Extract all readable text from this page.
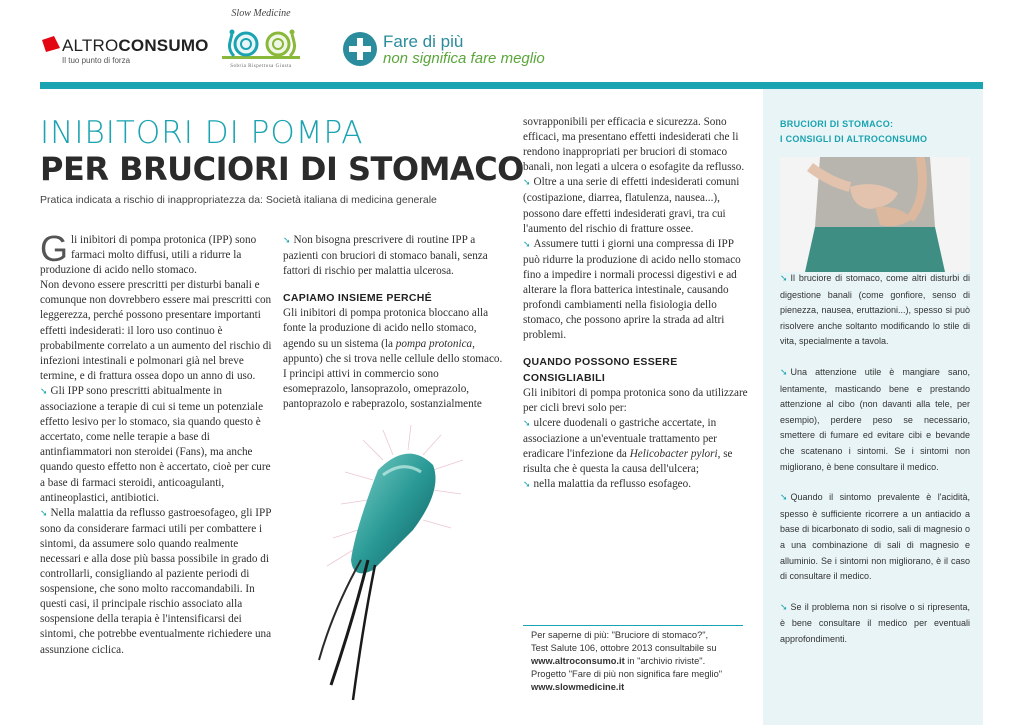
ALTROCONSUMO
Il tuo punto di forza
Slow Medicine
Sobria Rispettosa Giusta
Fare di più
non significa fare meglio
INIBITORI DI POMPA
PER BRUCIORI DI STOMACO
Pratica indicata a rischio di inappropriatezza da: Società italiana di medicina generale

Gli inibitori di pompa protonica (IPP) sono farmaci molto diffusi, utili a ridurre la produzione di acido nello stomaco.

Non devono essere prescritti per disturbi banali e comunque non dovrebbero essere mai prescritti con leggerezza, perché possono presentare importanti effetti indesiderati: il loro uso continuo è probabilmente correlato a un aumento del rischio di infezioni intestinali e polmonari già nel breve termine, e di frattura ossea dopo un anno di uso.

➘ Gli IPP sono prescritti abitualmente in associazione a terapie di cui si teme un potenziale effetto lesivo per lo stomaco, sia quando questo è accertato, come nelle terapie a base di antinfiammatori non steroidei (Fans), ma anche quando questo effetto non è accertato, cioè per cure a base di farmaci steroidi, anticoagulanti, antineoplastici, antibiotici.

➘ Nella malattia da reflusso gastroesofageo, gli IPP sono da considerare farmaci utili per combattere i sintomi, da assumere solo quando realmente necessari e alla dose più bassa possibile in grado di controllarli, consigliando al paziente periodi di sospensione, che sono molto raccomandabili. In questi casi, il principale rischio associato alla sospensione della terapia è l'intensificarsi dei sintomi, che potrebbe eventualmente richiedere una assunzione ciclica.

➘ Non bisogna prescrivere di routine IPP a pazienti con bruciori di stomaco banali, senza fattori di rischio per malattia ulcerosa.

CAPIAMO INSIEME PERCHÉ

Gli inibitori di pompa protonica bloccano alla fonte la produzione di acido nello stomaco, agendo su un sistema (la pompa protonica, appunto) che si trova nelle cellule dello stomaco. I principi attivi in commercio sono esomeprazolo, lansoprazolo, omeprazolo, pantoprazolo e rabeprazolo, sostanzialmente

sovrapponibili per efficacia e sicurezza. Sono efficaci, ma presentano effetti indesiderati che li rendono inappropriati per bruciori di stomaco banali, non legati a ulcera o esofagite da reflusso.

➘ Oltre a una serie di effetti indesiderati comuni (costipazione, diarrea, flatulenza, nausea...), possono dare effetti indesiderati gravi, tra cui l'aumento del rischio di fratture ossee.

➘ Assumere tutti i giorni una compressa di IPP può ridurre la produzione di acido nello stomaco fino a impedire i normali processi digestivi e ad alterare la flora batterica intestinale, causando profondi cambiamenti nella fisiologia dello stomaco, che possono aprire la strada ad altri problemi.

QUANDO POSSONO ESSERE CONSIGLIABILI

Gli inibitori di pompa protonica sono da utilizzare per cicli brevi solo per:

➘ ulcere duodenali o gastriche accertate, in associazione a un'eventuale trattamento per eradicare l'infezione da Helicobacter pylori, se risulta che è questa la causa dell'ulcera;

➘ nella malattia da reflusso esofageo.

Per saperne di più: "Bruciore di stomaco?",
Test Salute 106, ottobre 2013 consultabile su
www.altroconsumo.it in "archivio riviste".
Progetto "Fare di più non significa fare meglio"
www.slowmedicine.it
BRUCIORI DI STOMACO:
I CONSIGLI DI ALTROCONSUMO

➘ Il bruciore di stomaco, come altri disturbi di digestione banali (come gonfiore, senso di pienezza, nausea, eruttazioni...), spesso si può risolvere anche soltanto modificando lo stile di vita, specialmente a tavola.

➘ Una attenzione utile è mangiare sano, lentamente, masticando bene e prestando attenzione al cibo (non davanti alla tele, per esempio), perdere peso se necessario, smettere di fumare ed evitare cibi e bevande che scatenano i sintomi. Se i sintomi non migliorano, è bene consultare il medico.

➘ Quando il sintomo prevalente è l'acidità, spesso è sufficiente ricorrere a un antiacido a base di bicarbonato di sodio, sali di magnesio o a una combinazione di sali di magnesio e alluminio. Se i sintomi non migliorano, è il caso di consultare il medico.

➘ Se il problema non si risolve o si ripresenta, è bene consultare il medico per eventuali approfondimenti.
